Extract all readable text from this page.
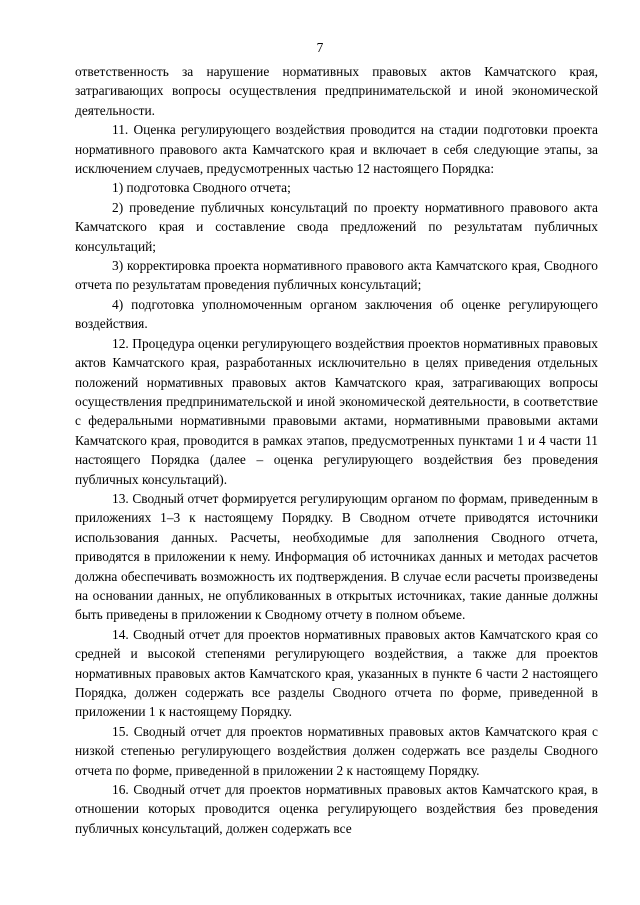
7

ответственность за нарушение нормативных правовых актов Камчатского края, затрагивающих вопросы осуществления предпринимательской и иной экономической деятельности.

11. Оценка регулирующего воздействия проводится на стадии подготовки проекта нормативного правового акта Камчатского края и включает в себя следующие этапы, за исключением случаев, предусмотренных частью 12 настоящего Порядка:

1) подготовка Сводного отчета;

2) проведение публичных консультаций по проекту нормативного правового акта Камчатского края и составление свода предложений по результатам публичных консультаций;

3) корректировка проекта нормативного правового акта Камчатского края, Сводного отчета по результатам проведения публичных консультаций;

4) подготовка уполномоченным органом заключения об оценке регулирующего воздействия.

12. Процедура оценки регулирующего воздействия проектов нормативных правовых актов Камчатского края, разработанных исключительно в целях приведения отдельных положений нормативных правовых актов Камчатского края, затрагивающих вопросы осуществления предпринимательской и иной экономической деятельности, в соответствие с федеральными нормативными правовыми актами, нормативными правовыми актами Камчатского края, проводится в рамках этапов, предусмотренных пунктами 1 и 4 части 11 настоящего Порядка (далее – оценка регулирующего воздействия без проведения публичных консультаций).

13. Сводный отчет формируется регулирующим органом по формам, приведенным в приложениях 1–3 к настоящему Порядку. В Сводном отчете приводятся источники использования данных. Расчеты, необходимые для заполнения Сводного отчета, приводятся в приложении к нему. Информация об источниках данных и методах расчетов должна обеспечивать возможность их подтверждения. В случае если расчеты произведены на основании данных, не опубликованных в открытых источниках, такие данные должны быть приведены в приложении к Сводному отчету в полном объеме.

14. Сводный отчет для проектов нормативных правовых актов Камчатского края со средней и высокой степенями регулирующего воздействия, а также для проектов нормативных правовых актов Камчатского края, указанных в пункте 6 части 2 настоящего Порядка, должен содержать все разделы Сводного отчета по форме, приведенной в приложении 1 к настоящему Порядку.

15. Сводный отчет для проектов нормативных правовых актов Камчатского края с низкой степенью регулирующего воздействия должен содержать все разделы Сводного отчета по форме, приведенной в приложении 2 к настоящему Порядку.

16. Сводный отчет для проектов нормативных правовых актов Камчатского края, в отношении которых проводится оценка регулирующего воздействия без проведения публичных консультаций, должен содержать все
